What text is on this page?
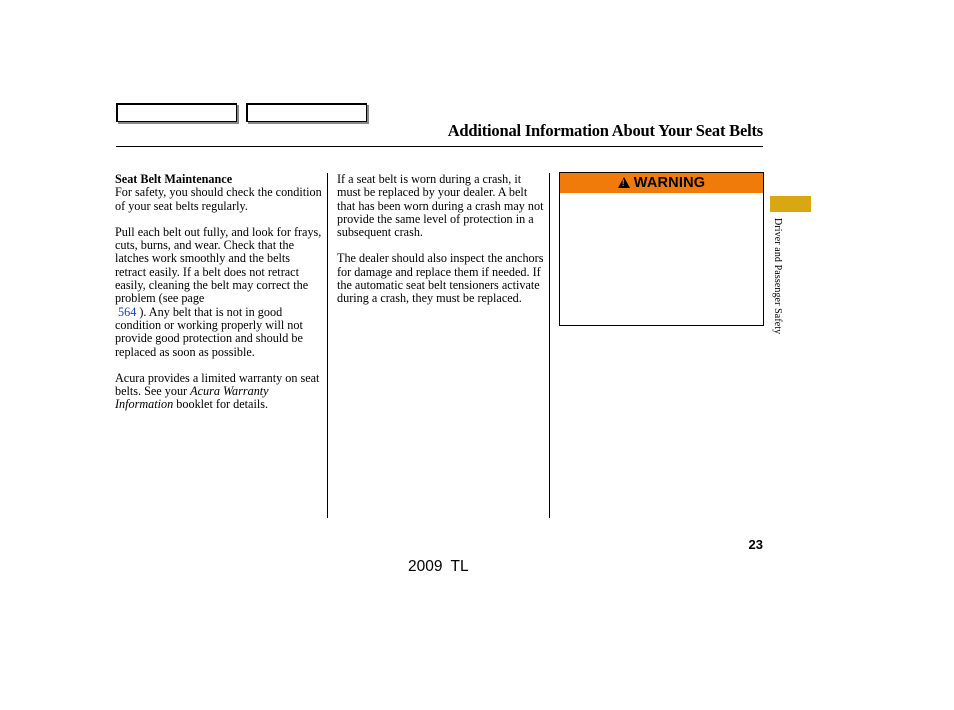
Additional Information About Your Seat Belts

Seat Belt Maintenance
For safety, you should check the condition of your seat belts regularly.

Pull each belt out fully, and look for frays, cuts, burns, and wear. Check that the latches work smoothly and the belts retract easily. If a belt does not retract easily, cleaning the belt may correct the problem (see page
564 ). Any belt that is not in good condition or working properly will not provide good protection and should be replaced as soon as possible.

Acura provides a limited warranty on seat belts. See your Acura Warranty Information booklet for details.

If a seat belt is worn during a crash, it must be replaced by your dealer. A belt that has been worn during a crash may not provide the same level of protection in a subsequent crash.

The dealer should also inspect the anchors for damage and replace them if needed. If the automatic seat belt tensioners activate during a crash, they must be replaced.

!
WARNING
Driver and Passenger Safety
23
2009 TL
